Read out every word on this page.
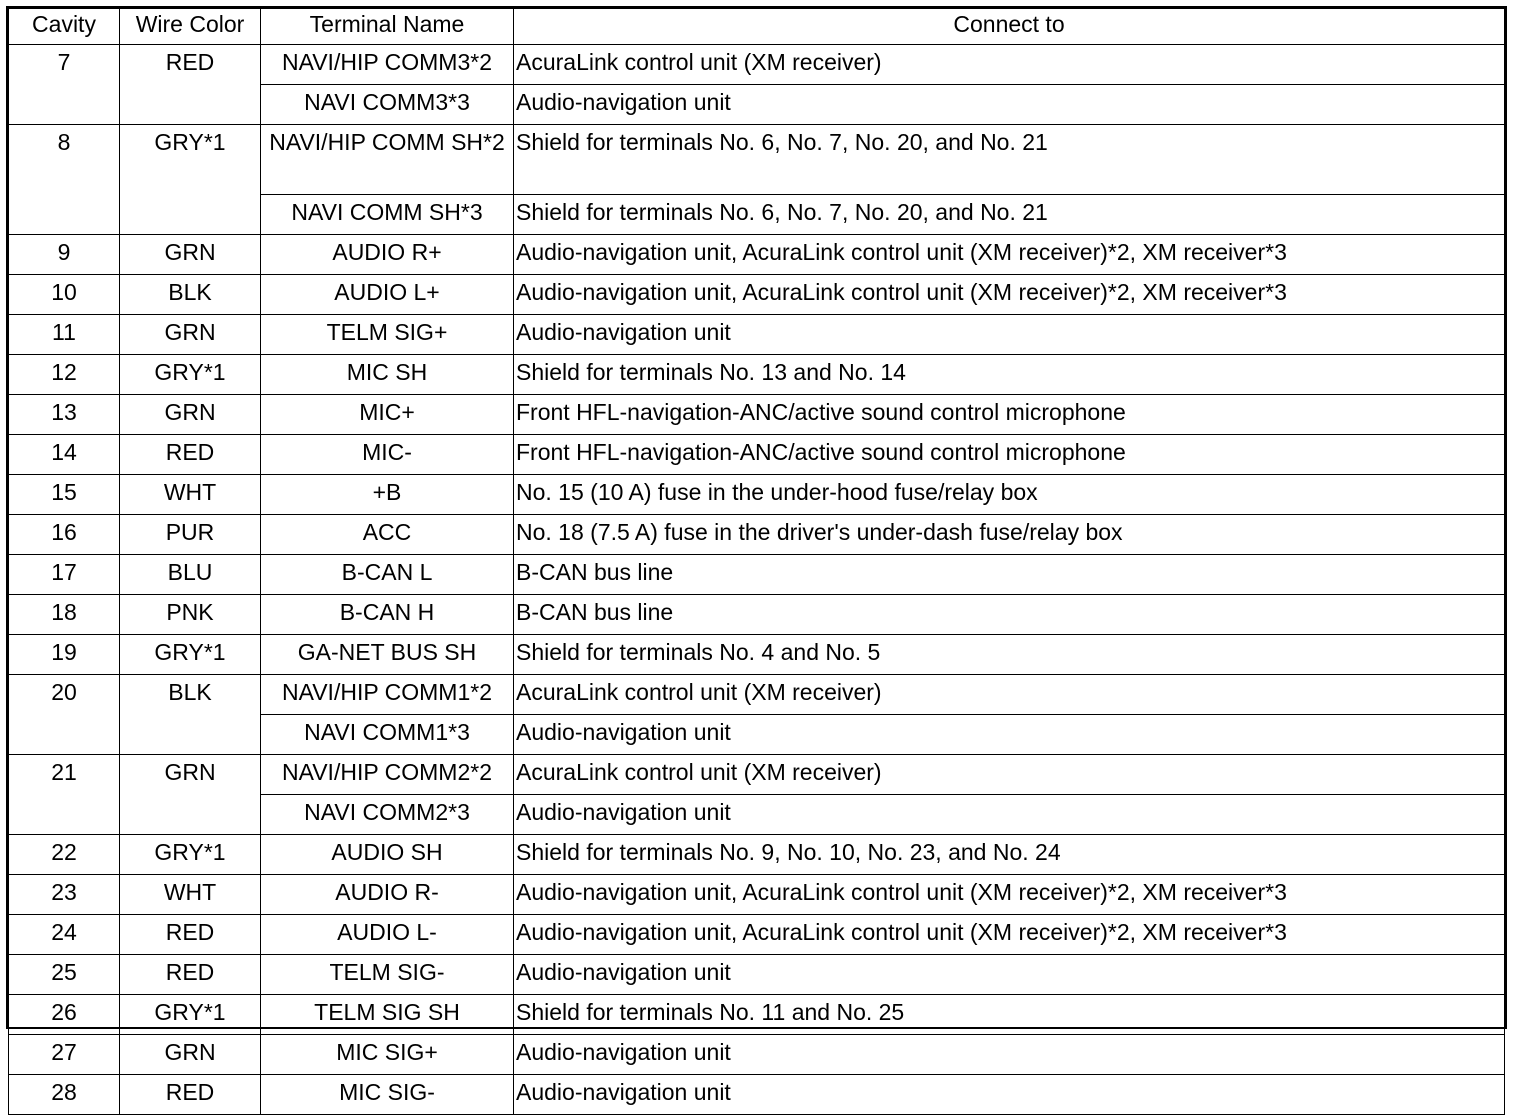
Cavity	Wire Color	Terminal Name	Connect to
7	RED	NAVI/HIP COMM3*2	AcuraLink control unit (XM receiver)
		NAVI COMM3*3	Audio-navigation unit
8	GRY*1	NAVI/HIP COMM SH*2	Shield for terminals No. 6, No. 7, No. 20, and No. 21
		NAVI COMM SH*3	Shield for terminals No. 6, No. 7, No. 20, and No. 21
9	GRN	AUDIO R+	Audio-navigation unit, AcuraLink control unit (XM receiver)*2, XM receiver*3
10	BLK	AUDIO L+	Audio-navigation unit, AcuraLink control unit (XM receiver)*2, XM receiver*3
11	GRN	TELM SIG+	Audio-navigation unit
12	GRY*1	MIC SH	Shield for terminals No. 13 and No. 14
13	GRN	MIC+	Front HFL-navigation-ANC/active sound control microphone
14	RED	MIC-	Front HFL-navigation-ANC/active sound control microphone
15	WHT	+B	No. 15 (10 A) fuse in the under-hood fuse/relay box
16	PUR	ACC	No. 18 (7.5 A) fuse in the driver's under-dash fuse/relay box
17	BLU	B-CAN L	B-CAN bus line
18	PNK	B-CAN H	B-CAN bus line
19	GRY*1	GA-NET BUS SH	Shield for terminals No. 4 and No. 5
20	BLK	NAVI/HIP COMM1*2	AcuraLink control unit (XM receiver)
		NAVI COMM1*3	Audio-navigation unit
21	GRN	NAVI/HIP COMM2*2	AcuraLink control unit (XM receiver)
		NAVI COMM2*3	Audio-navigation unit
22	GRY*1	AUDIO SH	Shield for terminals No. 9, No. 10, No. 23, and No. 24
23	WHT	AUDIO R-	Audio-navigation unit, AcuraLink control unit (XM receiver)*2, XM receiver*3
24	RED	AUDIO L-	Audio-navigation unit, AcuraLink control unit (XM receiver)*2, XM receiver*3
25	RED	TELM SIG-	Audio-navigation unit
26	GRY*1	TELM SIG SH	Shield for terminals No. 11 and No. 25
27	GRN	MIC SIG+	Audio-navigation unit
28	RED	MIC SIG-	Audio-navigation unit
